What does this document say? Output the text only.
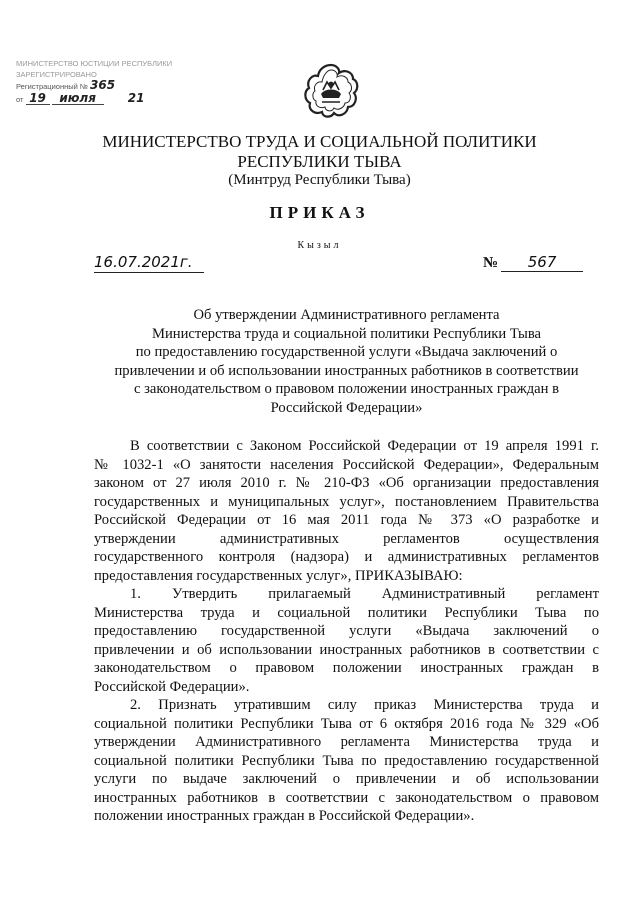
МИНИСТЕРСТВО ЮСТИЦИИ РЕСПУБЛИКИ
ЗАРЕГИСТРИРОВАНО
Регистрационный № 365
от 19 июля	21
МИНИСТЕРСТВО ТРУДА И СОЦИАЛЬНОЙ ПОЛИТИКИ
РЕСПУБЛИКИ ТЫВА
(Минтруд Республики Тыва)
ПРИКАЗ
Кызыл
16.07.2021г.	№ 567
Об утверждении Административного регламента
Министерства труда и социальной политики Республики Тыва
по предоставлению государственной услуги «Выдача заключений о
привлечении и об использовании иностранных работников в соответствии
с законодательством о правовом положении иностранных граждан в
Российской Федерации»

В соответствии с Законом Российской Федерации от 19 апреля 1991 г.
№ 1032-1 «О занятости населения Российской Федерации», Федеральным
законом от 27 июля 2010 г. № 210-ФЗ «Об организации предоставления
государственных и муниципальных услуг», постановлением Правительства
Российской Федерации от 16 мая 2011 года № 373 «О разработке и
утверждении административных регламентов осуществления
государственного контроля (надзора) и административных регламентов
предоставления государственных услуг», ПРИКАЗЫВАЮ:

1. Утвердить прилагаемый Административный регламент
Министерства труда и социальной политики Республики Тыва по
предоставлению государственной услуги «Выдача заключений о
привлечении и об использовании иностранных работников в соответствии с
законодательством о правовом положении иностранных граждан в
Российской Федерации».

2. Признать утратившим силу приказ Министерства труда и
социальной политики Республики Тыва от 6 октября 2016 года № 329 «Об
утверждении Административного регламента Министерства труда и
социальной политики Республики Тыва по предоставлению государственной
услуги по выдаче заключений о привлечении и об использовании
иностранных работников в соответствии с законодательством о правовом
положении иностранных граждан в Российской Федерации».
